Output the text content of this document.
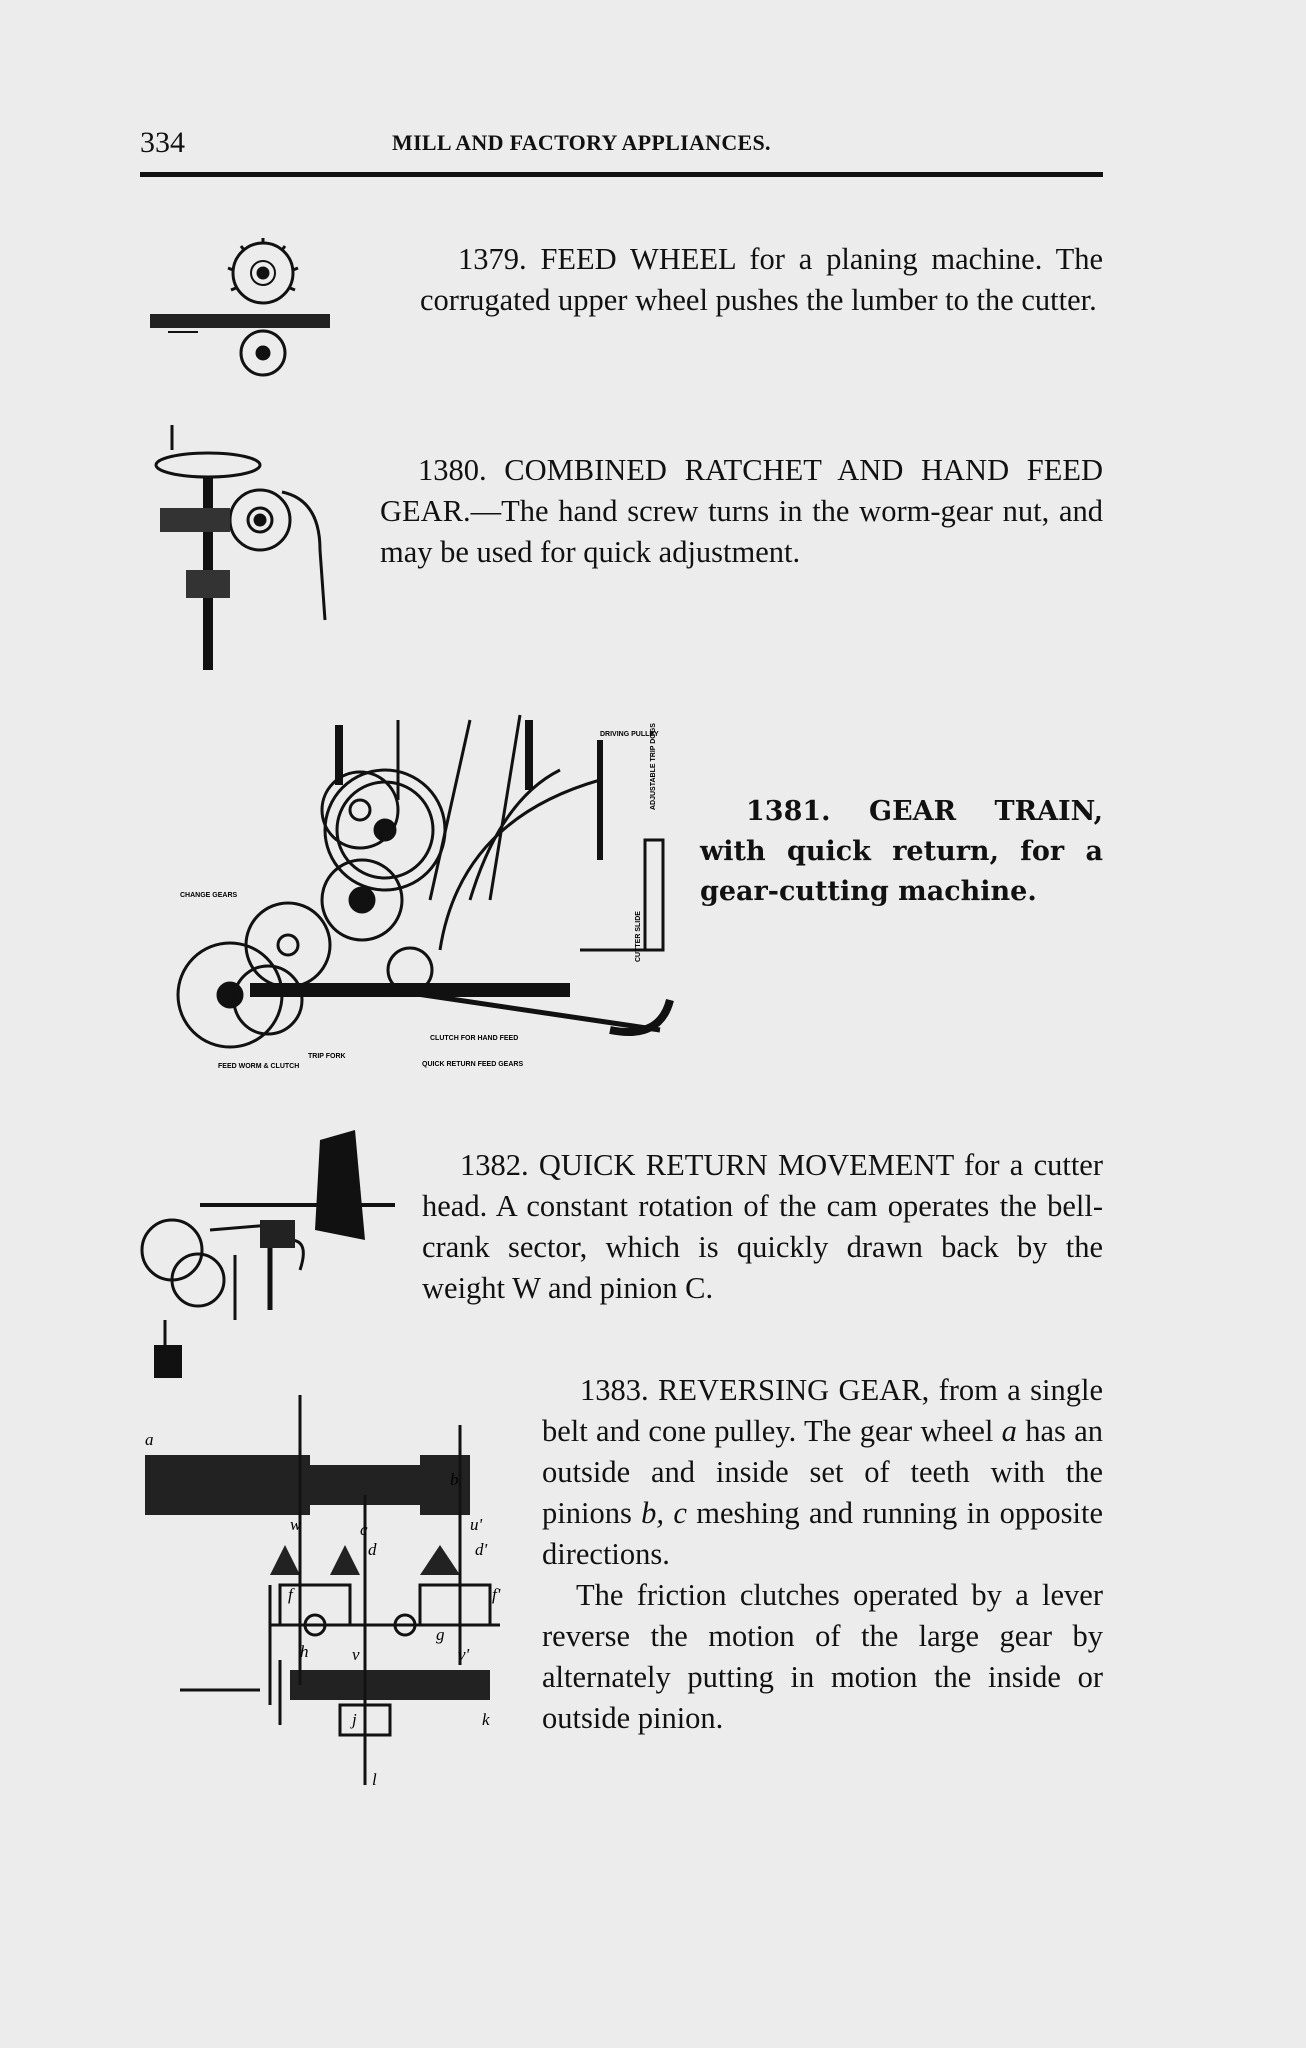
334	MILL AND FACTORY APPLIANCES.
DRIVING PULLEY
ADJUSTABLE TRIP DOGS
CUTTER SLIDE
CHANGE GEARS
CLUTCH FOR HAND FEED
TRIP FORK
FEED WORM & CLUTCH	QUICK RETURN FEED GEARS
a
b
c
w	u'
d	d'
f	f'
g
h	v	v'
j	k
l

1379. FEED WHEEL for a planing machine. The corrugated upper wheel pushes the lumber to the cutter.

1380. COMBINED RATCHET AND HAND FEED GEAR.—The hand screw turns in the worm-gear nut, and may be used for quick adjustment.

1381. GEAR TRAIN, with quick return, for a gear-cutting machine.

1382. QUICK RETURN MOVEMENT for a cutter head. A constant rotation of the cam operates the bell-crank sector, which is quickly drawn back by the weight W and pinion C.

1383. REVERSING GEAR, from a single belt and cone pulley. The gear wheel a has an outside and inside set of teeth with the pinions b, c meshing and running in opposite directions.

The friction clutches operated by a lever reverse the motion of the large gear by alternately putting in motion the inside or outside pinion.
